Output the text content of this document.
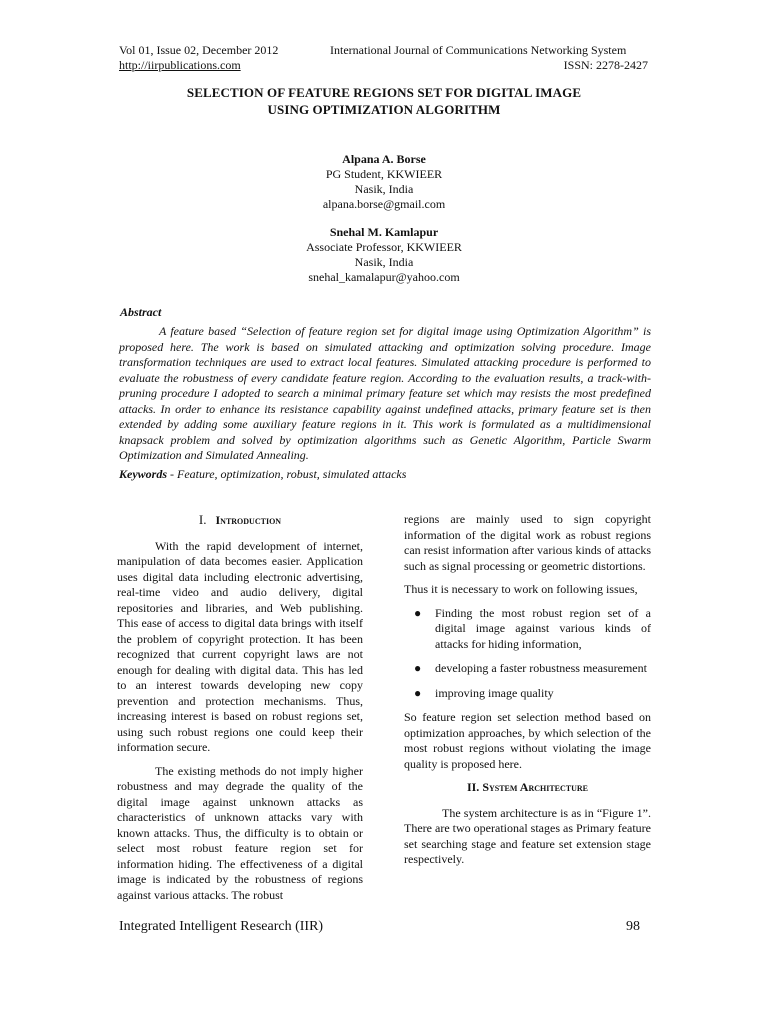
Vol 01, Issue 02, December 2012	International Journal of Communications Networking System
http://iirpublications.com	ISSN: 2278-2427
SELECTION OF FEATURE REGIONS SET FOR DIGITAL IMAGE
USING OPTIMIZATION ALGORITHM
Alpana A. Borse
PG Student, KKWIEER
Nasik, India
alpana.borse@gmail.com
Snehal M. Kamlapur
Associate Professor, KKWIEER
Nasik, India
snehal_kamalapur@yahoo.com
Abstract

A feature based “Selection of feature region set for digital image using Optimization Algorithm” is proposed here. The work is based on simulated attacking and optimization solving procedure. Image transformation techniques are used to extract local features. Simulated attacking procedure is performed to evaluate the robustness of every candidate feature region. According to the evaluation results, a track-with-pruning procedure I adopted to search a minimal primary feature set which may resists the most predefined attacks. In order to enhance its resistance capability against undefined attacks, primary feature set is then extended by adding some auxiliary feature regions in it. This work is formulated as a multidimensional knapsack problem and solved by optimization algorithms such as Genetic Algorithm, Particle Swarm Optimization and Simulated Annealing.

Keywords - Feature, optimization, robust, simulated attacks
I. Introduction

With the rapid development of internet, manipulation of data becomes easier. Application uses digital data including electronic advertising, real-time video and audio delivery, digital repositories and libraries, and Web publishing. This ease of access to digital data brings with itself the problem of copyright protection. It has been recognized that current copyright laws are not enough for dealing with digital data. This has led to an interest towards developing new copy prevention and protection mechanisms. Thus, increasing interest is based on robust regions set, using such robust regions one could keep their information secure.

The existing methods do not imply higher robustness and may degrade the quality of the digital image against unknown attacks as characteristics of unknown attacks vary with known attacks. Thus, the difficulty is to obtain or select most robust feature region set for information hiding. The effectiveness of a digital image is indicated by the robustness of regions against various attacks. The robust

regions are mainly used to sign copyright information of the digital work as robust regions can resist information after various kinds of attacks such as signal processing or geometric distortions.

Thus it is necessary to work on following issues,

● Finding the most robust region set of a digital image against various kinds of attacks for hiding information,
● developing a faster robustness measurement
● improving image quality

So feature region set selection method based on optimization approaches, by which selection of the most robust regions without violating the image quality is proposed here.

II. System Architecture

The system architecture is as in “Figure 1”. There are two operational stages as Primary feature set searching stage and feature set extension stage respectively.

Integrated Intelligent Research (IIR)	98
